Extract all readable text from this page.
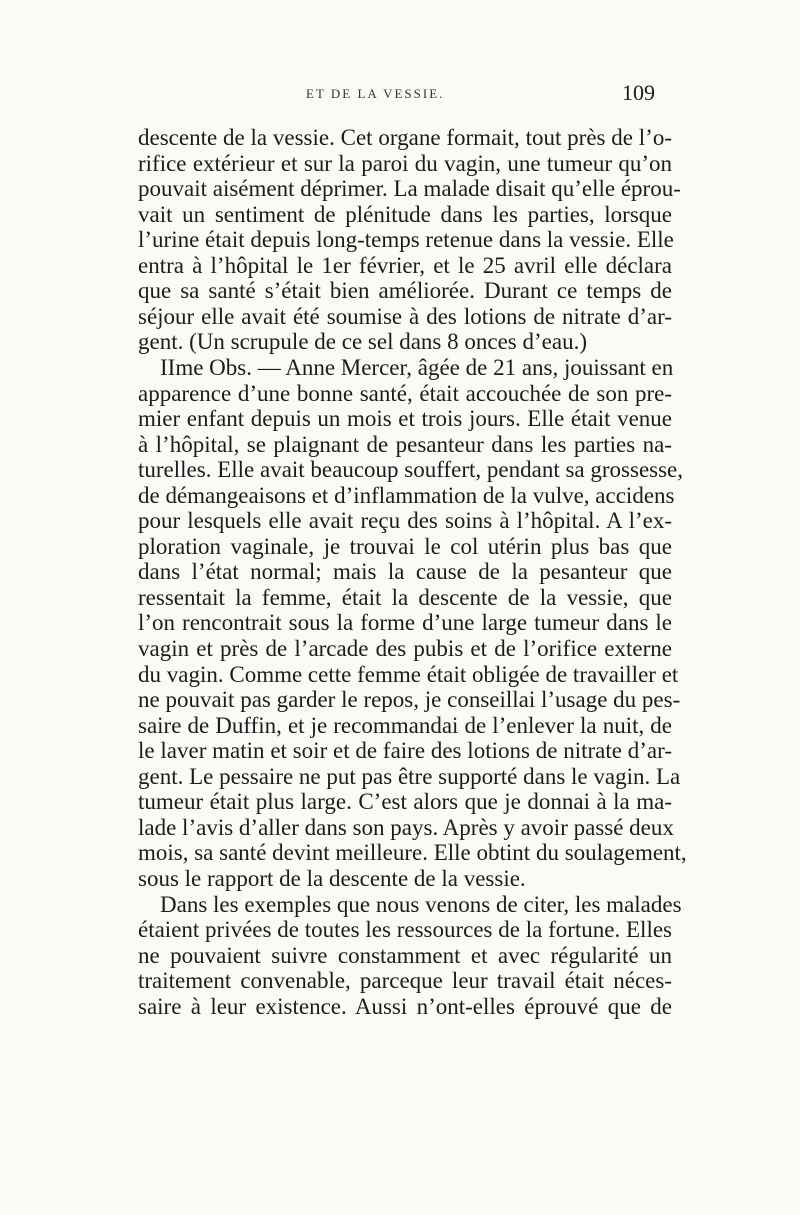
ET DE LA VESSIE.	109
descente de la vessie. Cet organe formait, tout près de l’o-
rifice extérieur et sur la paroi du vagin, une tumeur qu’on
pouvait aisément déprimer. La malade disait qu’elle éprou-
vait un sentiment de plénitude dans les parties, lorsque
l’urine était depuis long-temps retenue dans la vessie. Elle
entra à l’hôpital le 1er février, et le 25 avril elle déclara
que sa santé s’était bien améliorée. Durant ce temps de
séjour elle avait été soumise à des lotions de nitrate d’ar-
gent. (Un scrupule de ce sel dans 8 onces d’eau.)
IIme Obs. — Anne Mercer, âgée de 21 ans, jouissant en
apparence d’une bonne santé, était accouchée de son pre-
mier enfant depuis un mois et trois jours. Elle était venue
à l’hôpital, se plaignant de pesanteur dans les parties na-
turelles. Elle avait beaucoup souffert, pendant sa grossesse,
de démangeaisons et d’inflammation de la vulve, accidens
pour lesquels elle avait reçu des soins à l’hôpital. A l’ex-
ploration vaginale, je trouvai le col utérin plus bas que
dans l’état normal; mais la cause de la pesanteur que
ressentait la femme, était la descente de la vessie, que
l’on rencontrait sous la forme d’une large tumeur dans le
vagin et près de l’arcade des pubis et de l’orifice externe
du vagin. Comme cette femme était obligée de travailler et
ne pouvait pas garder le repos, je conseillai l’usage du pes-
saire de Duffin, et je recommandai de l’enlever la nuit, de
le laver matin et soir et de faire des lotions de nitrate d’ar-
gent. Le pessaire ne put pas être supporté dans le vagin. La
tumeur était plus large. C’est alors que je donnai à la ma-
lade l’avis d’aller dans son pays. Après y avoir passé deux
mois, sa santé devint meilleure. Elle obtint du soulagement,
sous le rapport de la descente de la vessie.
Dans les exemples que nous venons de citer, les malades
étaient privées de toutes les ressources de la fortune. Elles
ne pouvaient suivre constamment et avec régularité un
traitement convenable, parceque leur travail était néces-
saire à leur existence. Aussi n’ont-elles éprouvé que de
